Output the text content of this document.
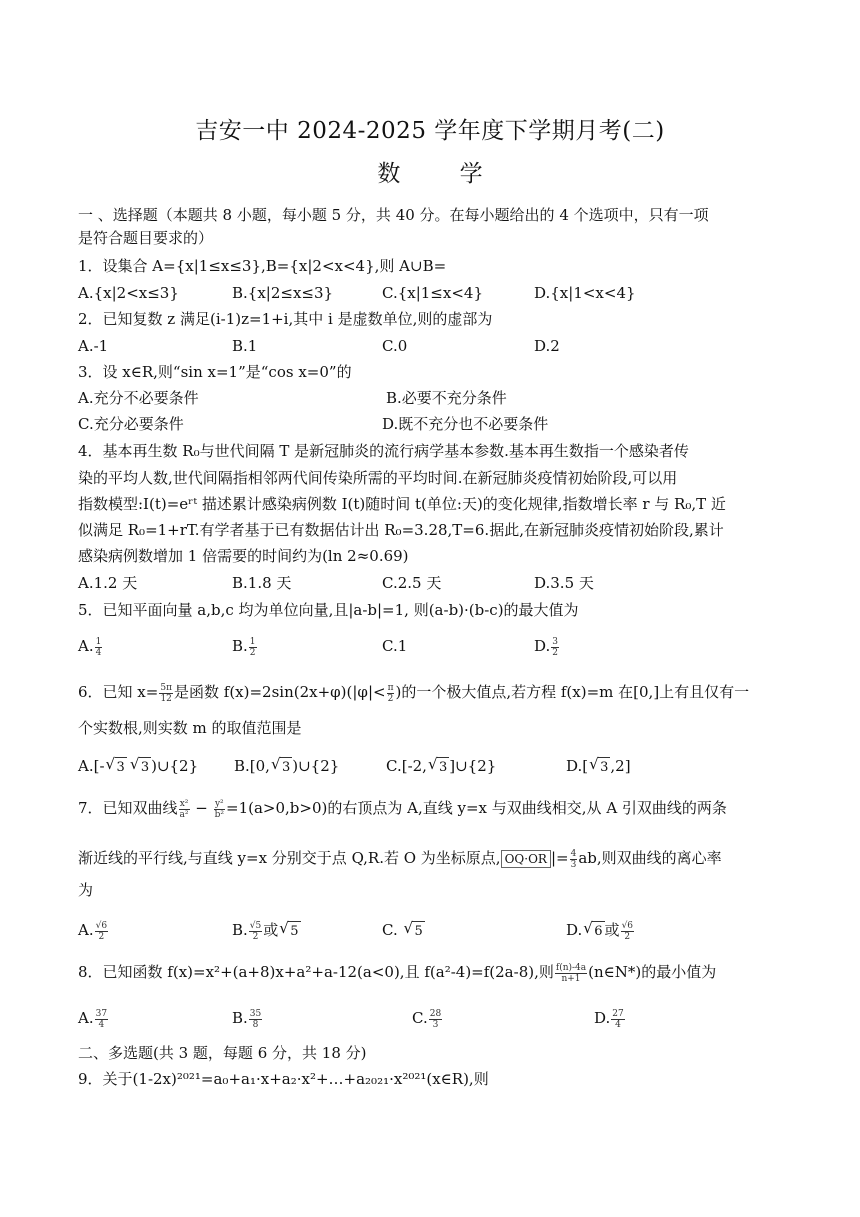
吉安一中 2024-2025 学年度下学期月考(二)
数 学
一 、选择题（本题共 8 小题，每小题 5 分，共 40 分。在每小题给出的 4 个选项中，只有一项
是符合题目要求的）
1．设集合 A={x|1≤x≤3},B={x|2<x<4},则 A∪B=
A.{x|2<x≤3}	B.{x|2≤x≤3}	C.{x|1≤x<4}	D.{x|1<x<4}
2．已知复数 z 满足(i-1)z=1+i,其中 i 是虚数单位,则的虚部为
A.-1	B.1	C.0	D.2
3．设 x∈R,则“sin x=1”是“cos x=0”的
A.充分不必要条件	B.必要不充分条件
C.充分必要条件	D.既不充分也不必要条件
4．基本再生数 R₀与世代间隔 T 是新冠肺炎的流行病学基本参数.基本再生数指一个感染者传
染的平均人数,世代间隔指相邻两代间传染所需的平均时间.在新冠肺炎疫情初始阶段,可以用
指数模型:I(t)=eʳᵗ 描述累计感染病例数 I(t)随时间 t(单位:天)的变化规律,指数增长率 r 与 R₀,T 近
似满足 R₀=1+rT.有学者基于已有数据估计出 R₀=3.28,T=6.据此,在新冠肺炎疫情初始阶段,累计
感染病例数增加 1 倍需要的时间约为(ln 2≈0.69)
A.1.2 天	B.1.8 天	C.2.5 天	D.3.5 天
5．已知平面向量 a,b,c 均为单位向量,且|a-b|=1, 则(a-b)·(b-c)的最大值为
A. $\frac{1}{4}$	B. $\frac{1}{2}$	C.1	D. $\frac{3}{2}$
6．已知 $x= \frac{5\pi}{12}$ 是函数 $f(x)=2\sin(2x+\varphi)(|\varphi|< \frac{\pi}{2}$ )的一个极大值点,若方程 f(x)=m 在[0,]上有且仅有一
个实数根,则实数 m 的取值范围是
A.[- √ 3 √ 3 )∪{2} B.[0, √ 3 )∪{2}	C.[-2, √ 3 ]∪{2}	D.[ √ 3 ,2]
7．已知双曲线 $\frac{\text{x²}}{\text{a²}} - \frac{\text{y²}}{\text{b²}} =1(a>0,b>0)$的右顶点为 A,直线 y=x 与双曲线相交,从 A 引双曲线的两条
渐近线的平行线,与直线 y=x 分别交于点 Q,R.若 O 为坐标原点, OQ·OR |= $\frac{4}{3}$ ab,则双曲线的离心率
为
A. $\frac{√6}{2}$	B. $\frac{√5}{2}$ 或 √ 5	C. √ 5	D. √ 6 或 $\frac{√6}{2}$
8．已知函数 f(x)=x²+(a+8)x+a²+a-12(a<0),且 f(a²-4)=f(2a-8),则 $\frac{f(n)-4a}{n+1}$ (n∈N*)的最小值为
A. $\frac{37}{4}$	B. $\frac{35}{8}$	C. $\frac{28}{3}$	D. $\frac{27}{4}$
二、多选题(共 3 题，每题 6 分，共 18 分)
9．关于(1-2x)²⁰²¹=a₀+a₁·x+a₂·x²+…+a₂₀₂₁·x²⁰²¹(x∈R),则
